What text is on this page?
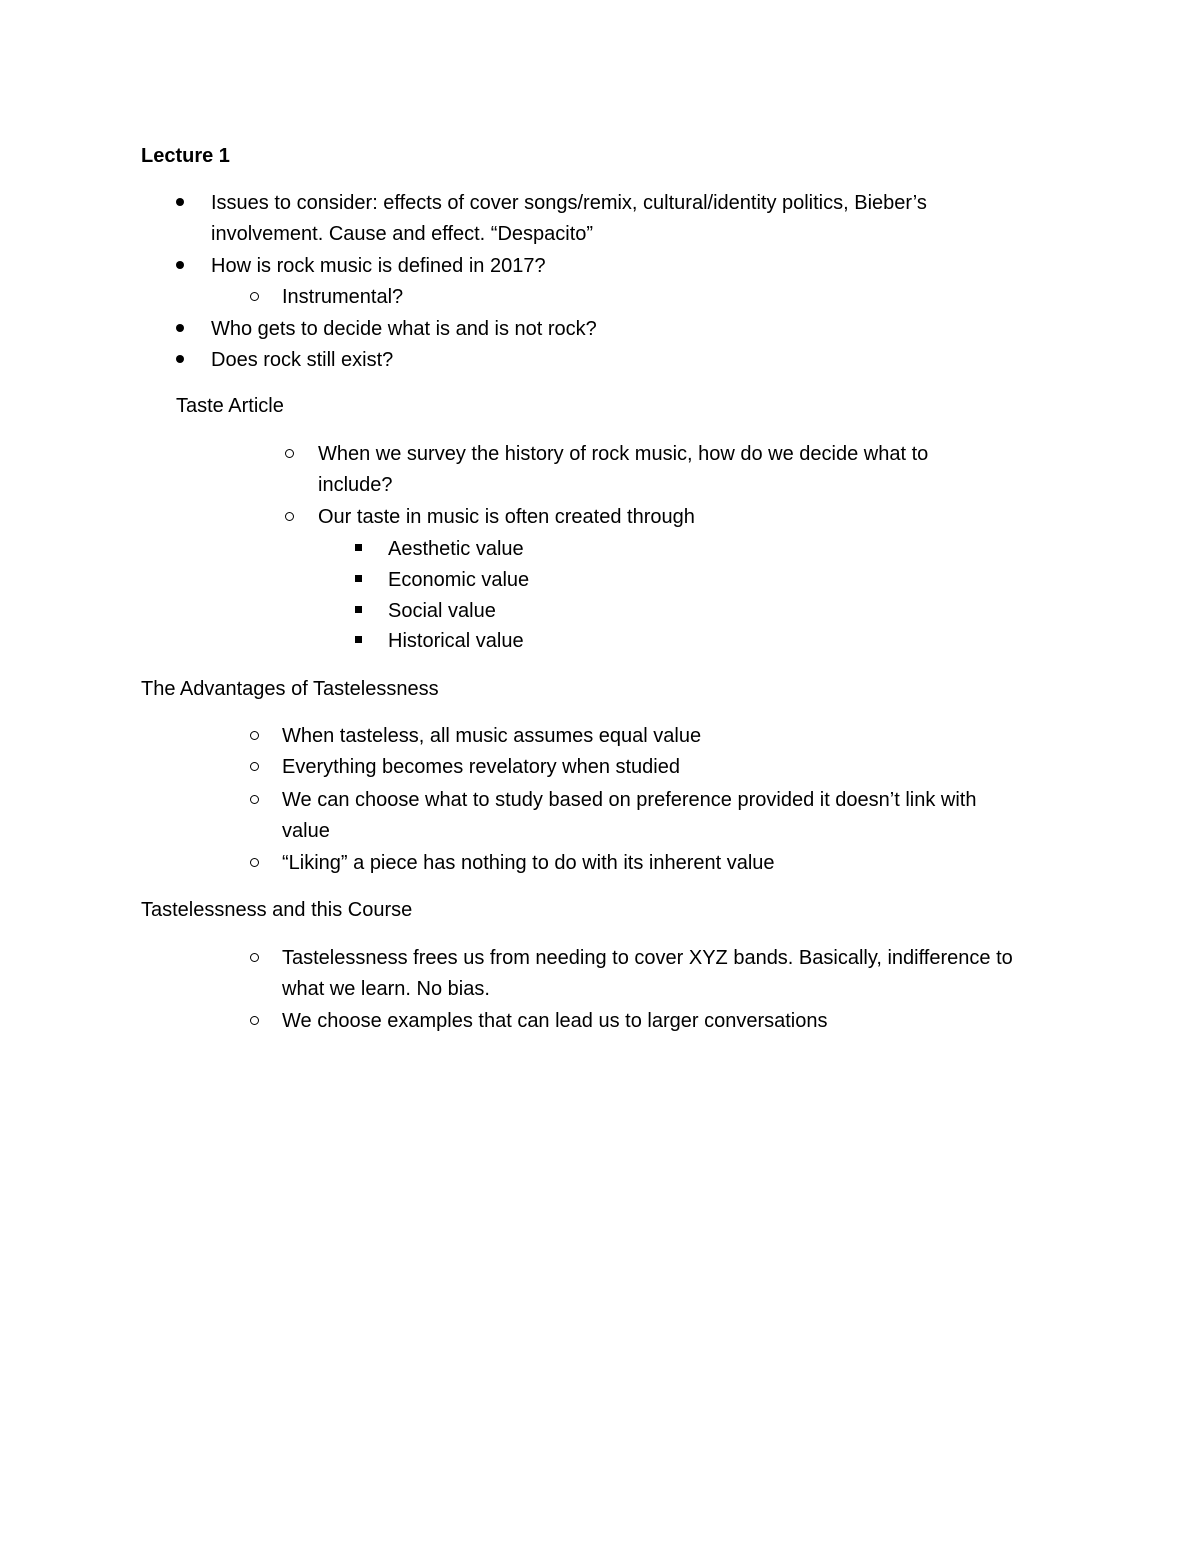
Lecture 1
Issues to consider: effects of cover songs/remix, cultural/identity politics, Bieber’s
involvement. Cause and effect. “Despacito”
How is rock music is defined in 2017?
Instrumental?
Who gets to decide what is and is not rock?
Does rock still exist?
Taste Article
When we survey the history of rock music, how do we decide what to
include?
Our taste in music is often created through
Aesthetic value
Economic value
Social value
Historical value
The Advantages of Tastelessness
When tasteless, all music assumes equal value
Everything becomes revelatory when studied
We can choose what to study based on preference provided it doesn’t link with
value
“Liking” a piece has nothing to do with its inherent value
Tastelessness and this Course
Tastelessness frees us from needing to cover XYZ bands. Basically, indifference to
what we learn. No bias.
We choose examples that can lead us to larger conversations
